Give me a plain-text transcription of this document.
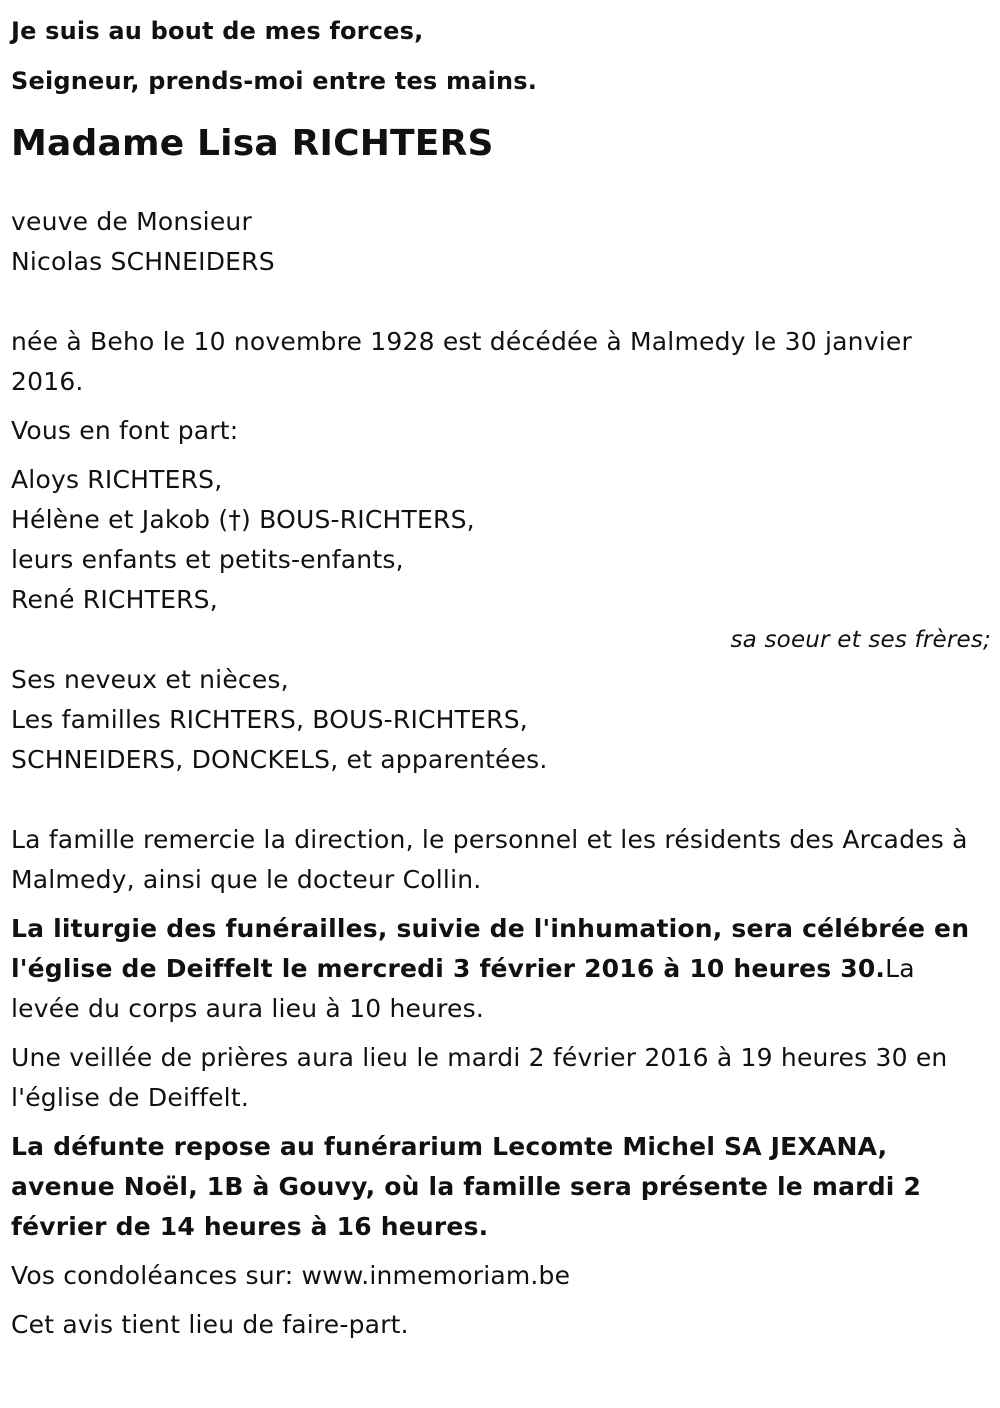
Je suis au bout de mes forces,

Seigneur, prends-moi entre tes mains.

Madame Lisa RICHTERS

veuve de Monsieur

Nicolas SCHNEIDERS

née à Beho le 10 novembre 1928 est décédée à Malmedy le 30 janvier 2016.

Vous en font part:

Aloys RICHTERS,

Hélène et Jakob (†) BOUS-RICHTERS,

leurs enfants et petits-enfants,

René RICHTERS,

sa soeur et ses frères;

Ses neveux et nièces,

Les familles RICHTERS, BOUS-RICHTERS,

SCHNEIDERS, DONCKELS, et apparentées.

La famille remercie la direction, le personnel et les résidents des Arcades à Malmedy, ainsi que le docteur Collin.

La liturgie des funérailles, suivie de l'inhumation, sera célébrée en l'église de Deiffelt le mercredi 3 février 2016 à 10 heures 30.La levée du corps aura lieu à 10 heures.

Une veillée de prières aura lieu le mardi 2 février 2016 à 19 heures 30 en l'église de Deiffelt.

La défunte repose au funérarium Lecomte Michel SA JEXANA, avenue Noël, 1B à Gouvy, où la famille sera présente le mardi 2 février de 14 heures à 16 heures.

Vos condoléances sur: www.inmemoriam.be

Cet avis tient lieu de faire-part.
